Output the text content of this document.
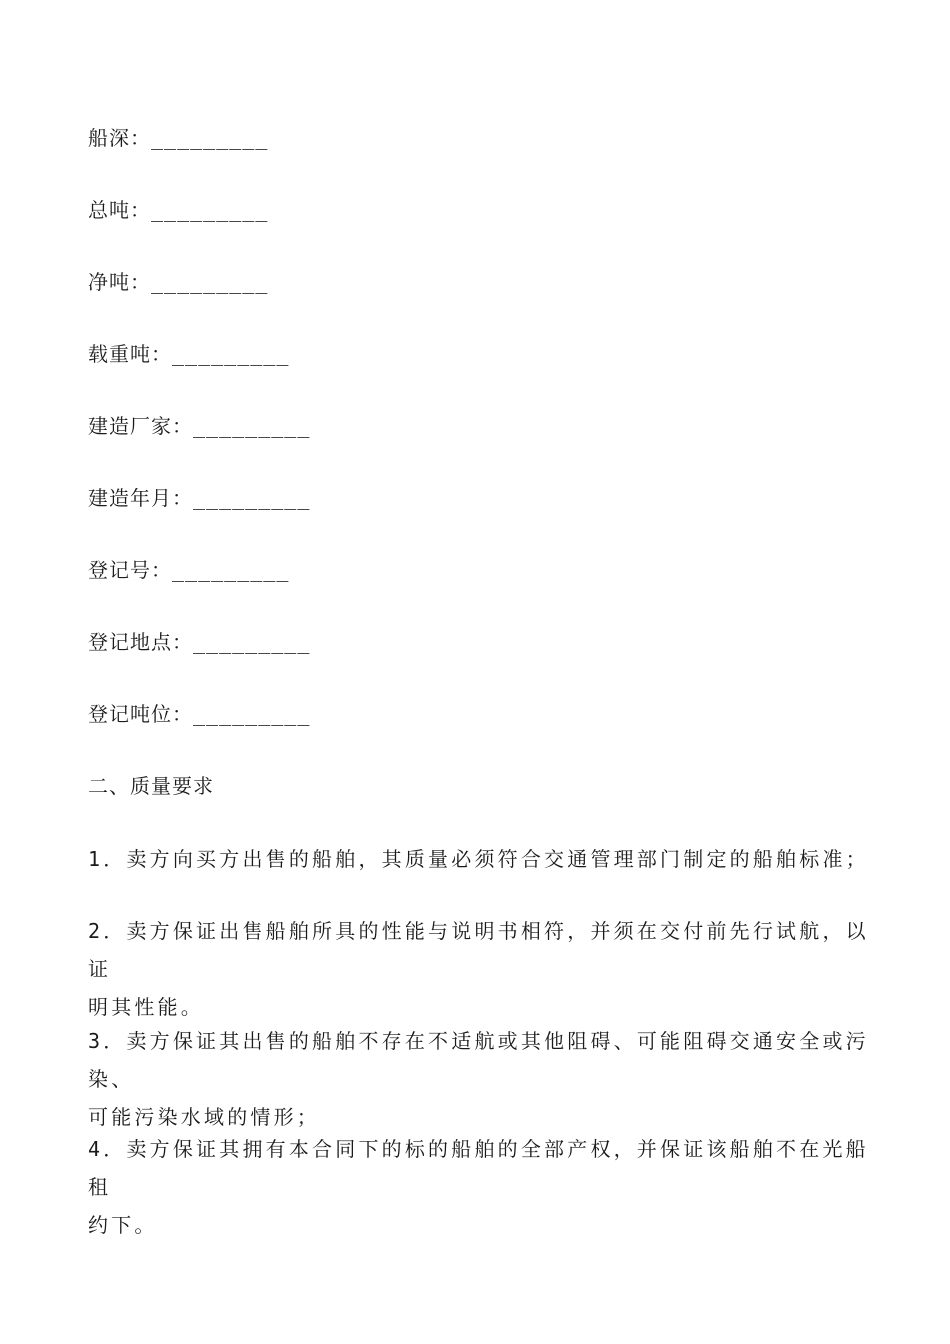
船深：_________
总吨：_________
净吨：_________
载重吨：_________
建造厂家：_________
建造年月：_________
登记号：_________
登记地点：_________
登记吨位：_________
二、质量要求

1．卖方向买方出售的船舶，其质量必须符合交通管理部门制定的船舶标准；

2．卖方保证出售船舶所具的性能与说明书相符，并须在交付前先行试航，以证

明其性能。

3．卖方保证其出售的船舶不存在不适航或其他阻碍、可能阻碍交通安全或污染、

可能污染水域的情形；

4．卖方保证其拥有本合同下的标的船舶的全部产权，并保证该船舶不在光船租

约下。
